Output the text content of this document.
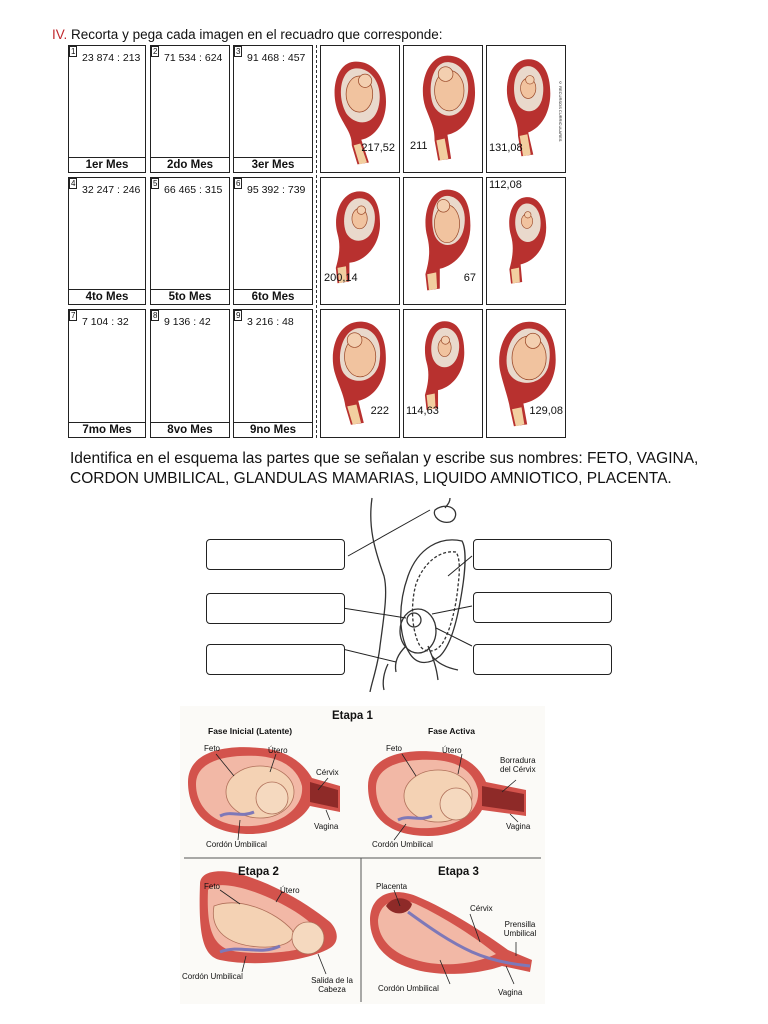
IV. Recorta y pega cada imagen en el recuadro que corresponde:
1
23 874 : 213
1er Mes
2
71 534 : 624
2do Mes
3
91 468 : 457
3er Mes
4
32 247 : 246
4to Mes
5
66 465 : 315
5to Mes
6
95 392 : 739
6to Mes
7
7 104 : 32
7mo Mes
8
9 136 : 42
8vo Mes
9
3 216 : 48
9no Mes
217,52 211	131,08
© RECURSOS CURRICULARES
200,14	67
112,08
222 114,63	129,08
Identifica en el esquema las partes que se señalan y escribe sus nombres: FETO, VAGINA, CORDON UMBILICAL, GLANDULAS MAMARIAS, LIQUIDO AMNIOTICO, PLACENTA.
Etapa 1
Fase Inicial (Latente)	Fase Activa
Feto	Útero
Cérvix
Vagina
Cordón Umbilical
Feto	Útero
Borradura del Cérvix
Vagina
Cordón Umbilical
Etapa 2
Feto	Útero
Cordón Umbilical	Salida de la Cabeza
Etapa 3
Placenta
Cérvix
Prensilla Umbilical
Cordón Umbilical	Vagina
